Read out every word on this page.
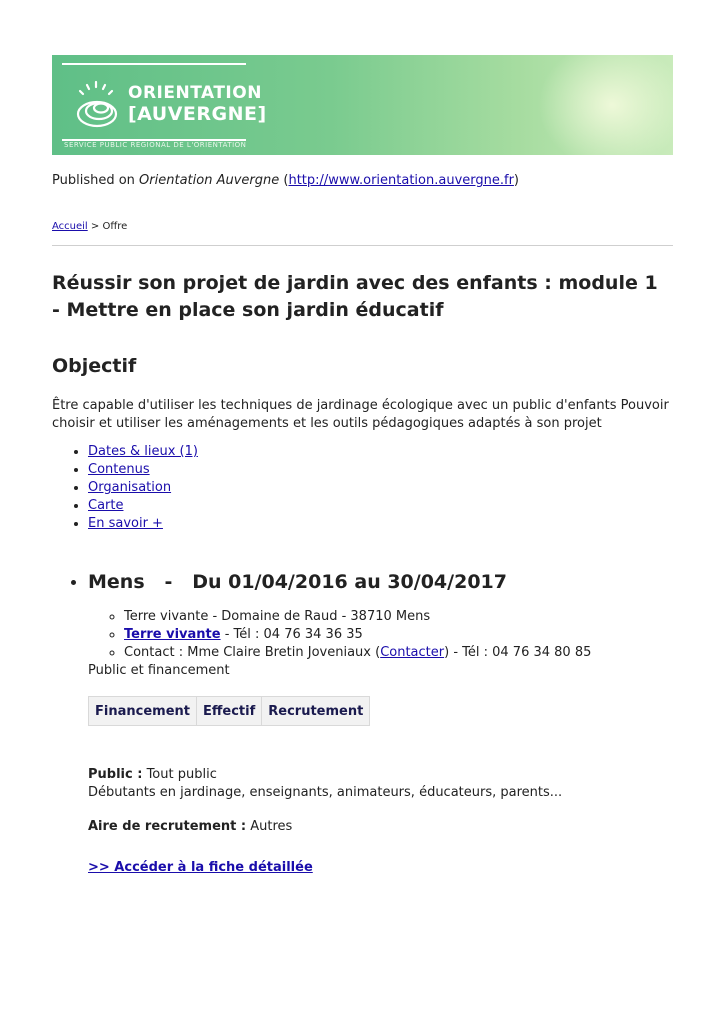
ORIENTATION
[AUVERGNE]
SERVICE PUBLIC RÉGIONAL DE L'ORIENTATION
Published on Orientation Auvergne (http://www.orientation.auvergne.fr)
Accueil > Offre
Réussir son projet de jardin avec des enfants : module 1 - Mettre en place son jardin éducatif
Objectif

Être capable d'utiliser les techniques de jardinage écologique avec un public d'enfants Pouvoir choisir et utiliser les aménagements et les outils pédagogiques adaptés à son projet

• Dates & lieux (1)
• Contenus
• Organisation
• Carte
• En savoir +
• Mens   -   Du 01/04/2016 au 30/04/2017
◦ Terre vivante - Domaine de Raud - 38710 Mens
◦ Terre vivante - Tél : 04 76 34 36 35
◦ Contact : Mme Claire Bretin Joveniaux (Contacter) - Tél : 04 76 34 80 85
Public et financement
Financement	Effectif	Recrutement
Public : Tout public
Débutants en jardinage, enseignants, animateurs, éducateurs, parents...
Aire de recrutement : Autres
>> Accéder à la fiche détaillée
